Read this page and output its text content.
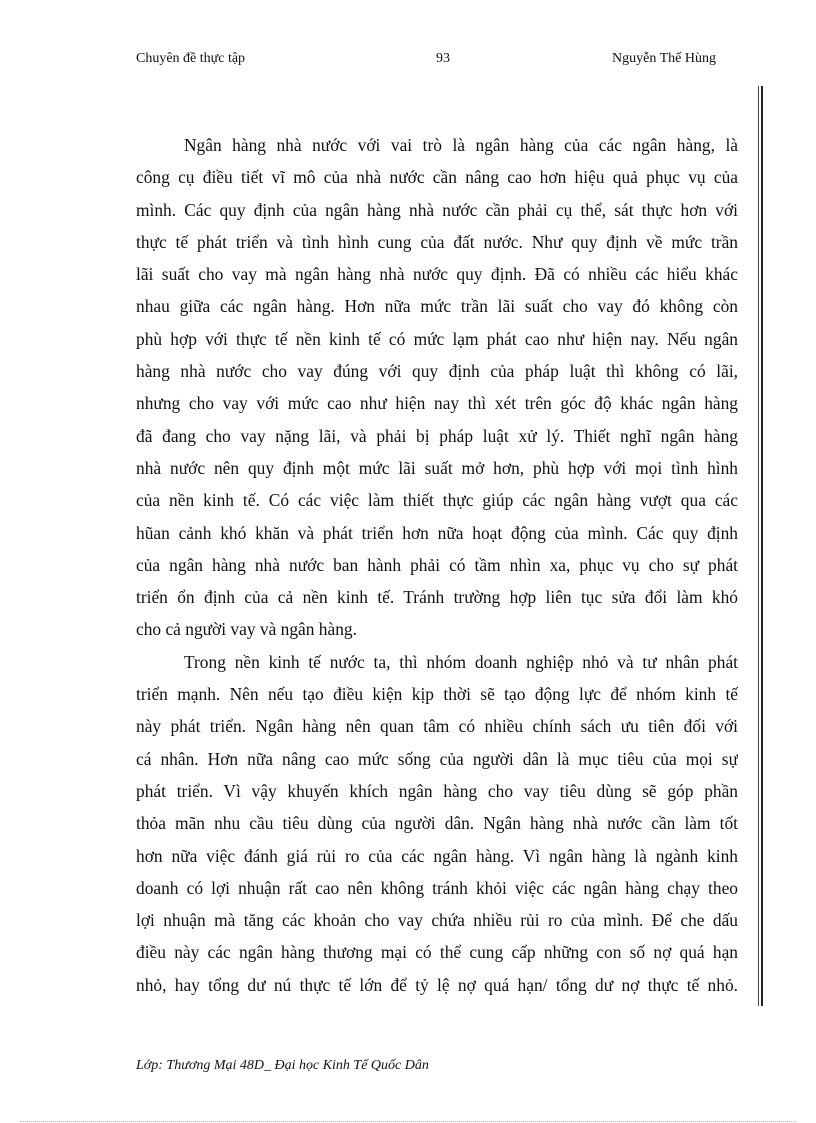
Chuyên đề thực tập	93	Nguyễn Thế Hùng
Ngân hàng nhà nước với vai trò là ngân hàng của các ngân hàng, là
công cụ điều tiết vĩ mô của nhà nước cần nâng cao hơn hiệu quả phục vụ của
mình. Các quy định của ngân hàng nhà nước cần phải cụ thể, sát thực hơn với
thực tế phát triển và tình hình cung của đất nước. Như quy định về mức trần
lãi suất cho vay mà ngân hàng nhà nước quy định. Đã có nhiều các hiểu khác
nhau giữa các ngân hàng. Hơn nữa mức trần lãi suất cho vay đó không còn
phù hợp với thực tế nền kinh tế có mức lạm phát cao như hiện nay. Nếu ngân
hàng nhà nước cho vay đúng với quy định của pháp luật thì không có lãi,
nhưng cho vay với mức cao như hiện nay thì xét trên góc độ khác ngân hàng
đã đang cho vay nặng lãi, và phải bị pháp luật xử lý. Thiết nghĩ ngân hàng
nhà nước nên quy định một mức lãi suất mở hơn, phù hợp với mọi tình hình
của nền kinh tế. Có các việc làm thiết thực giúp các ngân hàng vượt qua các
hũan cảnh khó khăn và phát triển hơn nữa hoạt động của mình. Các quy định
của ngân hàng nhà nước ban hành phải có tầm nhìn xa, phục vụ cho sự phát
triển ổn định của cả nền kinh tế. Tránh trường hợp liên tục sửa đổi làm khó
cho cả người vay và ngân hàng.
Trong nền kinh tế nước ta, thì nhóm doanh nghiệp nhỏ và tư nhân phát
triển mạnh. Nên nếu tạo điều kiện kịp thời sẽ tạo động lực để nhóm kinh tế
này phát triển. Ngân hàng nên quan tâm có nhiều chính sách ưu tiên đối với
cá nhân. Hơn nữa nâng cao mức sống của người dân là mục tiêu của mọi sự
phát triển. Vì vậy khuyến khích ngân hàng cho vay tiêu dùng sẽ góp phần
thỏa mãn nhu cầu tiêu dùng của người dân. Ngân hàng nhà nước cần làm tốt
hơn nữa việc đánh giá rủi ro của các ngân hàng. Vì ngân hàng là ngành kinh
doanh có lợi nhuận rất cao nên không tránh khỏi việc các ngân hàng chạy theo
lợi nhuận mà tăng các khoản cho vay chứa nhiều rủi ro của mình. Để che dấu
điều này các ngân hàng thương mại có thể cung cấp những con số nợ quá hạn
nhỏ, hay tổng dư nú thực tế lớn để tỷ lệ nợ quá hạn/ tổng dư nợ thực tế nhỏ.
Lớp: Thương Mại 48D_ Đại học Kinh Tế Quốc Dân
